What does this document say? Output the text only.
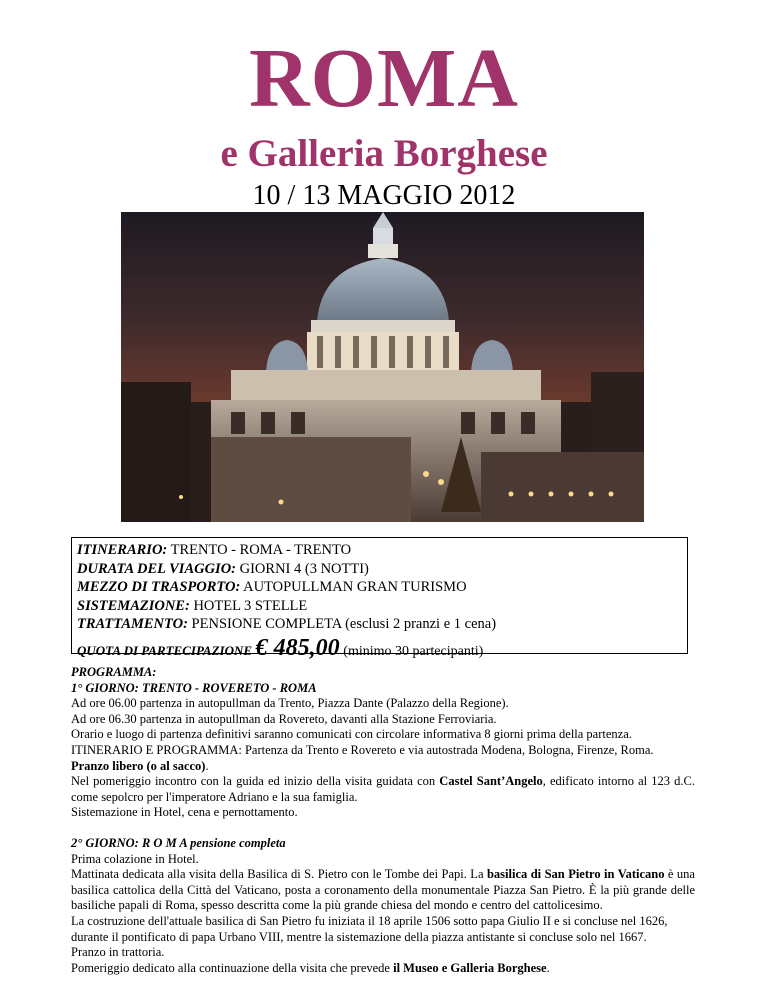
ROMA
e Galleria Borghese
10 / 13 MAGGIO 2012
ITINERARIO: TRENTO - ROMA - TRENTO
DURATA DEL VIAGGIO: GIORNI 4 (3 NOTTI)
MEZZO DI TRASPORTO: AUTOPULLMAN GRAN TURISMO
SISTEMAZIONE: HOTEL 3 STELLE
TRATTAMENTO: PENSIONE COMPLETA (esclusi 2 pranzi e 1 cena)
QUOTA DI PARTECIPAZIONE € 485,00 (minimo 30 partecipanti)

PROGRAMMA:

1° GIORNO: TRENTO - ROVERETO - ROMA

Ad ore 06.00 partenza in autopullman da Trento, Piazza Dante (Palazzo della Regione).

Ad ore 06.30 partenza in autopullman da Rovereto, davanti alla Stazione Ferroviaria.

Orario e luogo di partenza definitivi saranno comunicati con circolare informativa 8 giorni prima della partenza.

ITINERARIO E PROGRAMMA: Partenza da Trento e Rovereto e via autostrada Modena, Bologna, Firenze, Roma.

Pranzo libero (o al sacco).

Nel pomeriggio incontro con la guida ed inizio della visita guidata con Castel Sant’Angelo, edificato intorno al 123 d.C. come sepolcro per l'imperatore Adriano e la sua famiglia.

Sistemazione in Hotel, cena e pernottamento.

2° GIORNO: R O M A pensione completa

Prima colazione in Hotel.

Mattinata dedicata alla visita della Basilica di S. Pietro con le Tombe dei Papi. La basilica di San Pietro in Vaticano è una basilica cattolica della Città del Vaticano, posta a coronamento della monumentale Piazza San Pietro. È la più grande delle basiliche papali di Roma, spesso descritta come la più grande chiesa del mondo e centro del cattolicesimo.

La costruzione dell'attuale basilica di San Pietro fu iniziata il 18 aprile 1506 sotto papa Giulio II e si concluse nel 1626, durante il pontificato di papa Urbano VIII, mentre la sistemazione della piazza antistante si concluse solo nel 1667.

Pranzo in trattoria.

Pomeriggio dedicato alla continuazione della visita che prevede il Museo e Galleria Borghese.
